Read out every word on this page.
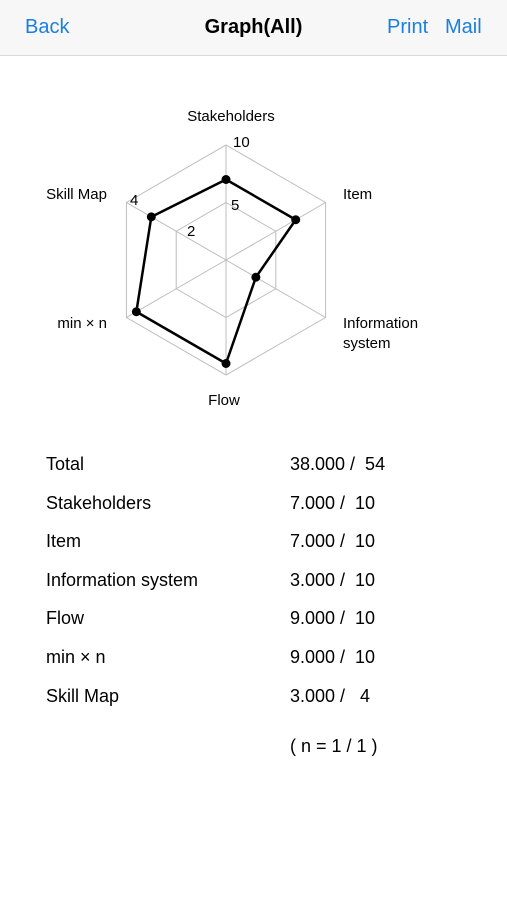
Back	Graph(All)	Print Mail
10
5
2
4
Stakeholders
Item
Information system
Flow
min × n
Skill Map
Total	38.000 /  54
Stakeholders	7.000 /  10
Item	7.000 /  10
Information system	3.000 /  10
Flow	9.000 /  10
min × n	9.000 /  10
Skill Map	3.000 /   4
( n = 1 / 1 )
